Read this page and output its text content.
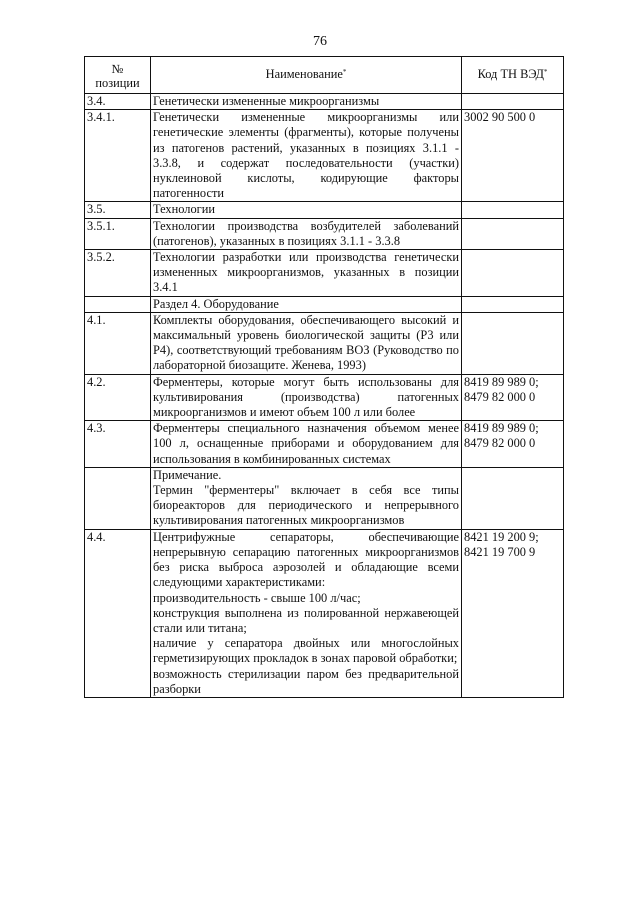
76
№
позиции	Наименование*	Код ТН ВЭД*
3.4.	Генетически измененные микроорганизмы	

3.4.1.	Генетически измененные микроорганизмы или генетические элементы (фрагменты), которые получены из патогенов растений, указанных в позициях 3.1.1 - 3.3.8, и содержат последовательности (участки) нуклеиновой кислоты, кодирующие факторы патогенности	3002 90 500 0

3.5.	Технологии	

3.5.1.	Технологии производства возбудителей заболеваний (патогенов), указанных в позициях 3.1.1 - 3.3.8	

3.5.2.	Технологии разработки или производства генетически измененных микроорганизмов, указанных в позиции 3.4.1	

	Раздел 4. Оборудование	

4.1.	Комплекты оборудования, обеспечивающего высокий и максимальный уровень биологической защиты (Р3 или Р4), соответствующий требованиям ВОЗ (Руководство по лабораторной биозащите. Женева, 1993)	

4.2.	Ферментеры, которые могут быть использованы для культивирования (производства) патогенных микроорганизмов и имеют объем 100 л или более	8419 89 989 0;
8479 82 000 0

4.3.	Ферментеры специального назначения объемом менее 100 л, оснащенные приборами и оборудованием для использования в комбинированных системах	8419 89 989 0;
8479 82 000 0

	Примечание.
Термин "ферментеры" включает в себя все типы биореакторов для периодического и непрерывного культивирования патогенных микроорганизмов	

4.4.	Центрифужные сепараторы, обеспечивающие непрерывную сепарацию патогенных микроорганизмов без риска выброса аэрозолей и обладающие всеми следующими характеристиками:
производительность - свыше 100 л/час;
конструкция выполнена из полированной нержавеющей стали или титана;
наличие у сепаратора двойных или многослойных герметизирующих прокладок в зонах паровой обработки;
возможность стерилизации паром без предварительной разборки	8421 19 200 9;
8421 19 700 9
